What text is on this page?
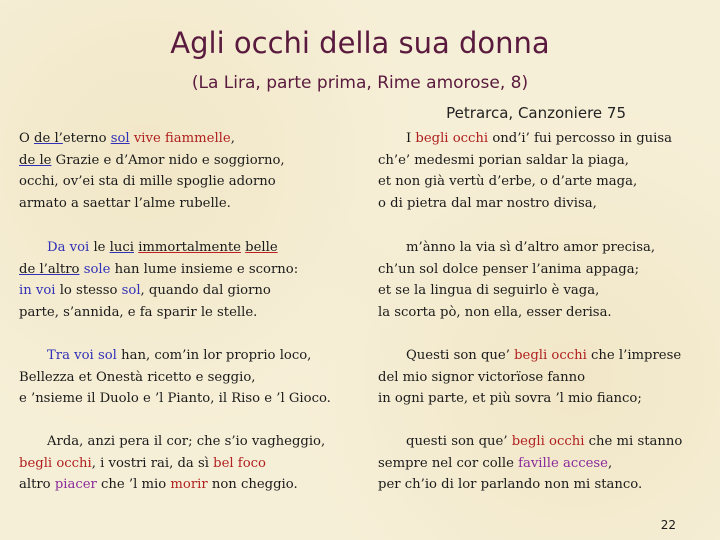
Agli occhi della sua donna
(La Lira, parte prima, Rime amorose, 8)
Petrarca, Canzoniere 75
O de l’eterno sol vive fiammelle,
de le Grazie e d’Amor nido e soggiorno,
occhi, ov’ei sta di mille spoglie adorno
armato a saettar l’alme rubelle.
Da voi le luci immortalmente belle
de l’altro sole han lume insieme e scorno:
in voi lo stesso sol, quando dal giorno
parte, s’annida, e fa sparir le stelle.
Tra voi sol han, com’in lor proprio loco,
Bellezza et Onestà ricetto e seggio,
e ’nsieme il Duolo e ’l Pianto, il Riso e ’l Gioco.
Arda, anzi pera il cor; che s’io vagheggio,
begli occhi, i vostri rai, da sì bel foco
altro piacer che ’l mio morir non cheggio.
I begli occhi ond’i’ fui percosso in guisa
ch’e’ medesmi porian saldar la piaga,
et non già vertù d’erbe, o d’arte maga,
o di pietra dal mar nostro divisa,
m’ànno la via sì d’altro amor precisa,
ch’un sol dolce penser l’anima appaga;
et se la lingua di seguirlo è vaga,
la scorta pò, non ella, esser derisa.
Questi son que’ begli occhi che l’imprese
del mio signor victorïose fanno
in ogni parte, et più sovra ’l mio fianco;
questi son que’ begli occhi che mi stanno
sempre nel cor colle faville accese,
per ch’io di lor parlando non mi stanco.
22
